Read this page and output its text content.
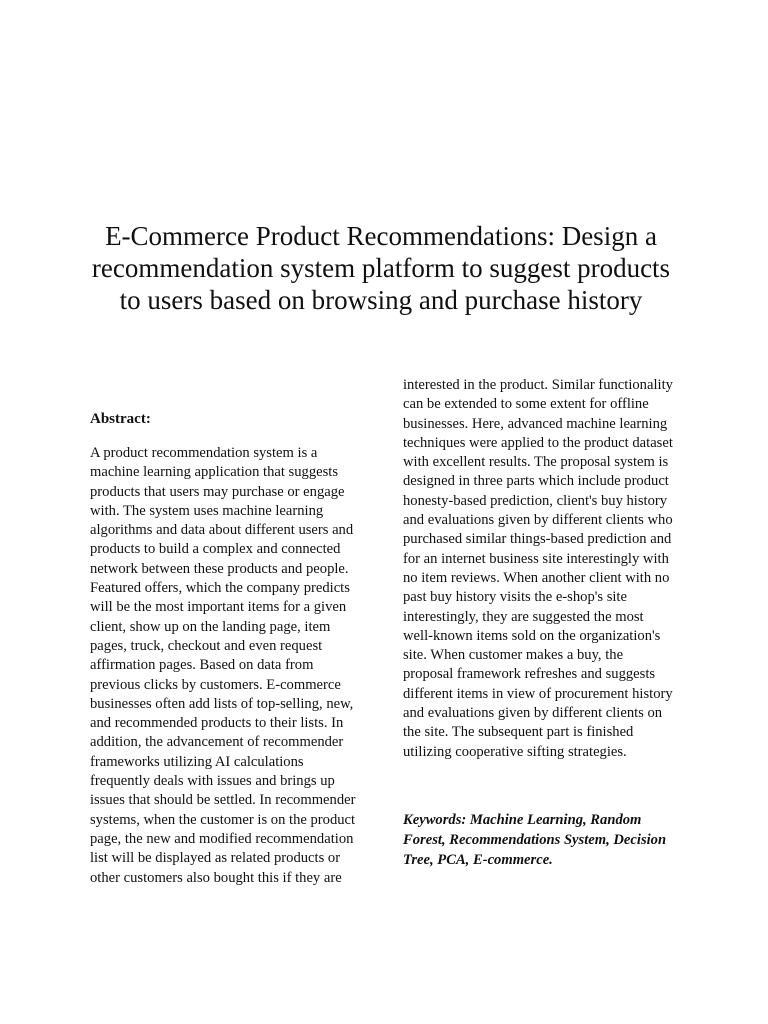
E-Commerce Product Recommendations: Design a recommendation system platform to suggest products to users based on browsing and purchase history

Abstract:

A product recommendation system is a machine learning application that suggests products that users may purchase or engage with. The system uses machine learning algorithms and data about different users and products to build a complex and connected network between these products and people. Featured offers, which the company predicts will be the most important items for a given client, show up on the landing page, item pages, truck, checkout and even request affirmation pages. Based on data from previous clicks by customers. E-commerce businesses often add lists of top-selling, new, and recommended products to their lists. In addition, the advancement of recommender frameworks utilizing AI calculations frequently deals with issues and brings up issues that should be settled. In recommender systems, when the customer is on the product page, the new and modified recommendation list will be displayed as related products or other customers also bought this if they are

interested in the product. Similar functionality can be extended to some extent for offline businesses. Here, advanced machine learning techniques were applied to the product dataset with excellent results. The proposal system is designed in three parts which include product honesty-based prediction, client's buy history and evaluations given by different clients who purchased similar things-based prediction and for an internet business site interestingly with no item reviews. When another client with no past buy history visits the e-shop's site interestingly, they are suggested the most well-known items sold on the organization's site. When customer makes a buy, the proposal framework refreshes and suggests different items in view of procurement history and evaluations given by different clients on the site. The subsequent part is finished utilizing cooperative sifting strategies.

Keywords: Machine Learning, Random Forest, Recommendations System, Decision Tree, PCA, E-commerce.
